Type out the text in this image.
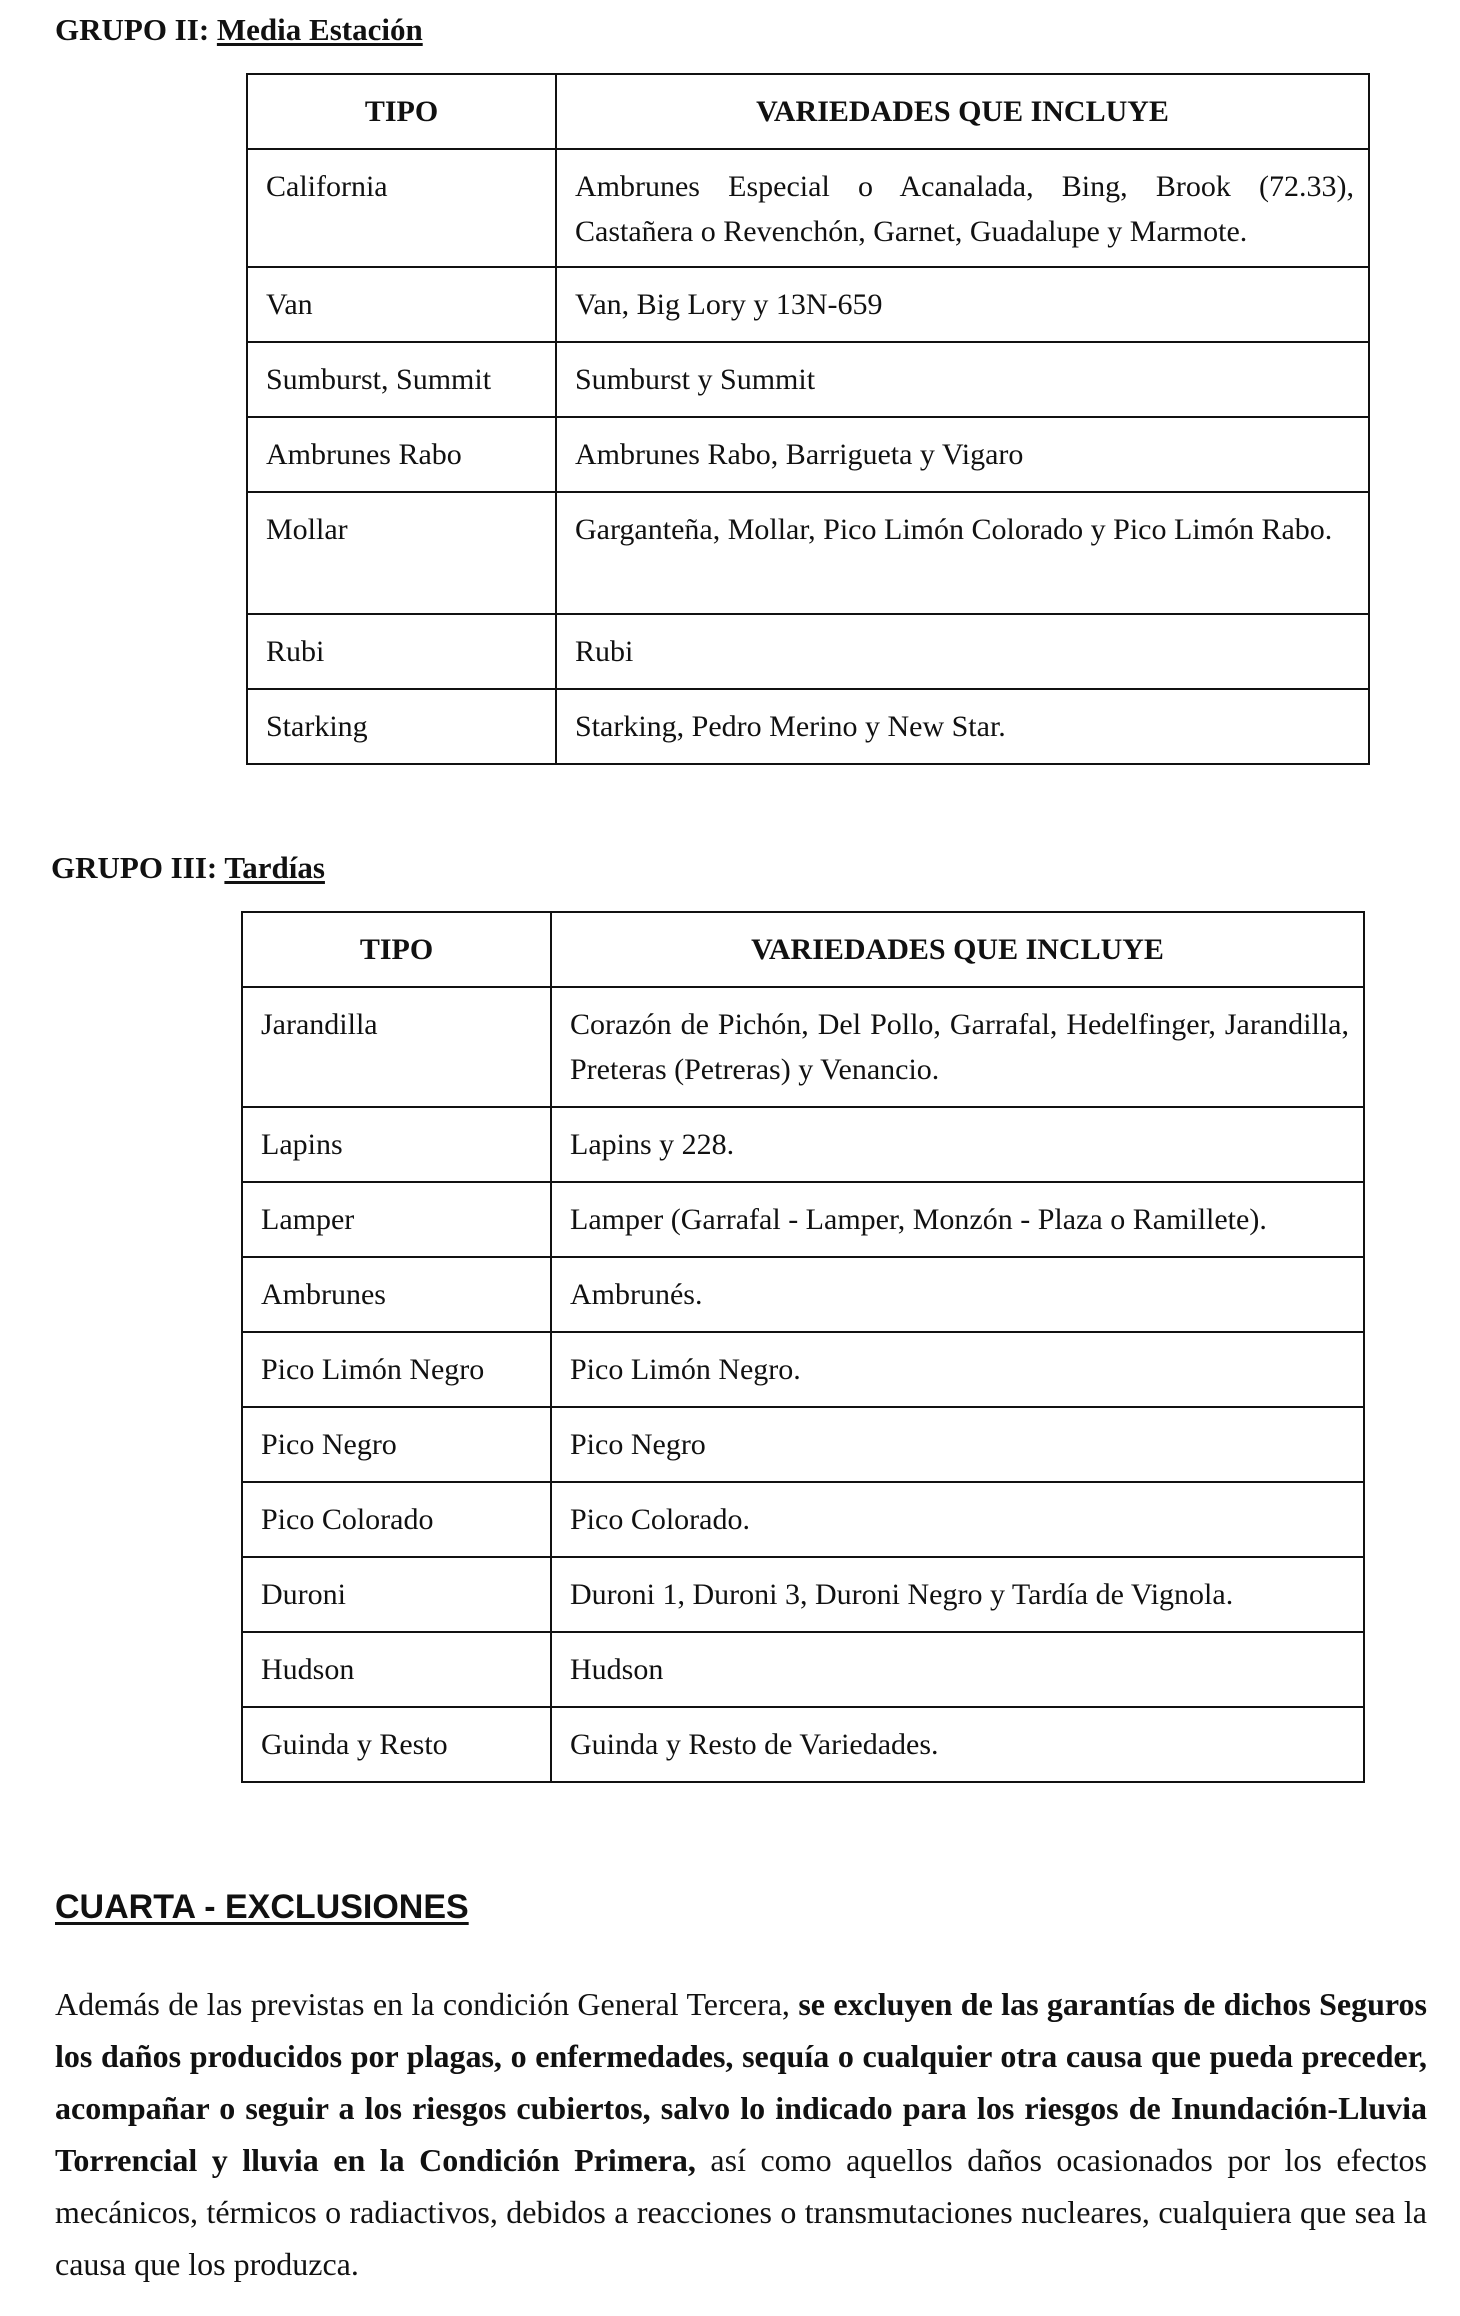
GRUPO II: Media Estación
TIPO	VARIEDADES QUE INCLUYE
California	Ambrunes Especial o Acanalada, Bing, Brook (72.33), Castañera o Revenchón, Garnet, Guadalupe y Marmote.
Van	Van, Big Lory y 13N-659
Sumburst, Summit	Sumburst y Summit
Ambrunes Rabo	Ambrunes Rabo, Barrigueta y Vigaro
Mollar	Garganteña, Mollar, Pico Limón Colorado y Pico Limón Rabo.
Rubi	Rubi
Starking	Starking, Pedro Merino y New Star.
GRUPO III: Tardías
TIPO	VARIEDADES QUE INCLUYE
Jarandilla	Corazón de Pichón, Del Pollo, Garrafal, Hedelfinger, Jarandilla, Preteras (Petreras) y Venancio.
Lapins	Lapins y 228.
Lamper	Lamper (Garrafal - Lamper, Monzón - Plaza o Ramillete).
Ambrunes	Ambrunés.
Pico Limón Negro	Pico Limón Negro.
Pico Negro	Pico Negro
Pico Colorado	Pico Colorado.
Duroni	Duroni 1, Duroni 3, Duroni Negro y Tardía de Vignola.
Hudson	Hudson
Guinda y Resto	Guinda y Resto de Variedades.
CUARTA - EXCLUSIONES

Además de las previstas en la condición General Tercera, se excluyen de las garantías de dichos Seguros los daños producidos por plagas, o enfermedades, sequía o cualquier otra causa que pueda preceder, acompañar o seguir a los riesgos cubiertos, salvo lo indicado para los riesgos de Inundación-Lluvia Torrencial y lluvia en la Condición Primera, así como aquellos daños ocasionados por los efectos mecánicos, térmicos o radiactivos, debidos a reacciones o transmutaciones nucleares, cualquiera que sea la causa que los produzca.
